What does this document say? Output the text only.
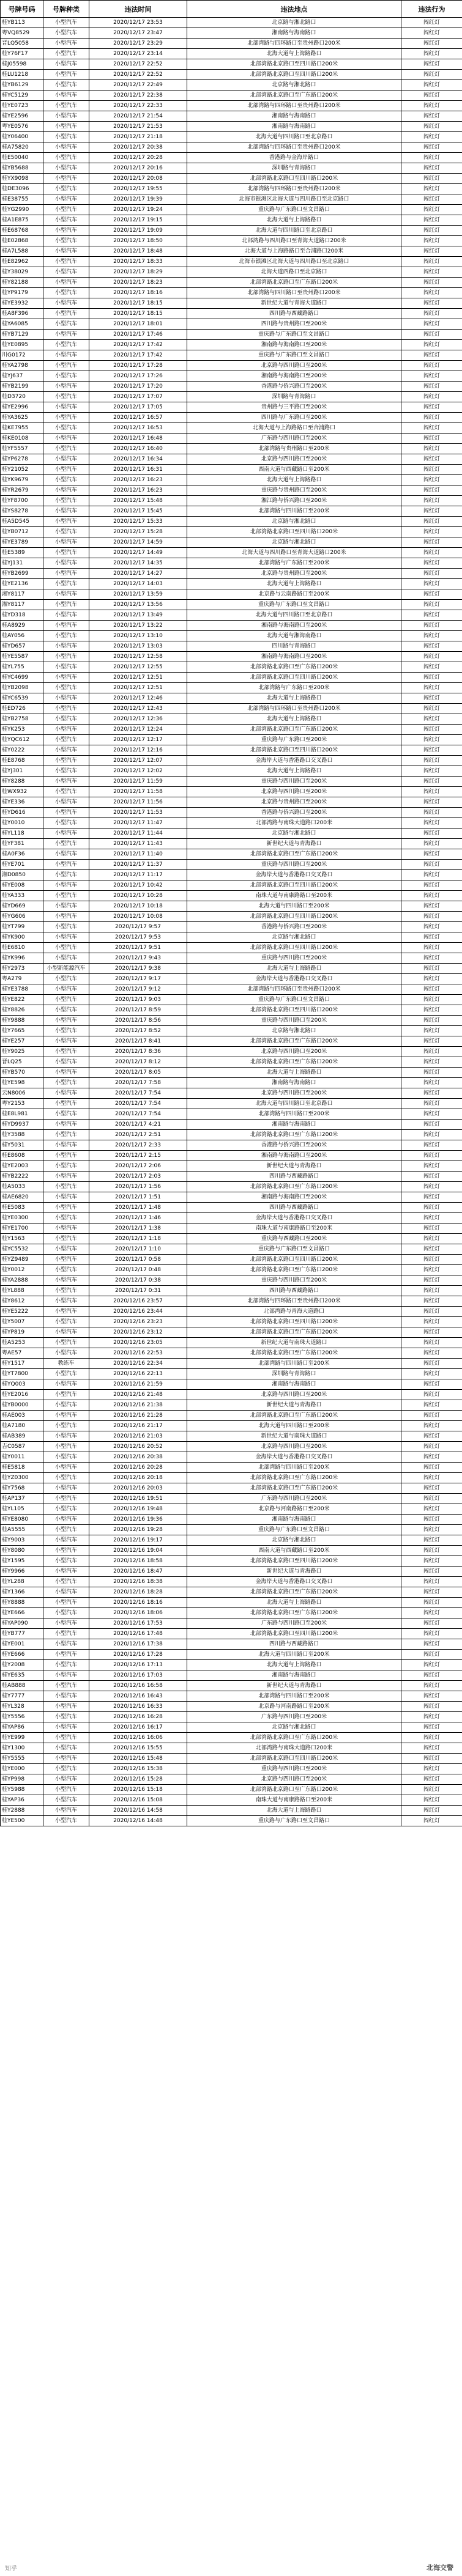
号牌号码	号牌种类	违法时间	违法地点	违法行为
桂YB113	小型汽车	2020/12/17 23:53	北京路与湘北路口	闯红灯
粤VQ8529	小型汽车	2020/12/17 23:47	湘南路与海南路口	闯红灯
晋LQ5058	小型汽车	2020/12/17 23:29	北部湾路与四环路口至贵州路口200米	闯红灯
桂Y76F17	小型汽车	2020/12/17 23:14	北海大道与上海路路口	闯红灯
桂J05598	小型汽车	2020/12/17 22:52	北部湾路北京路口至四川路口200米	闯红灯
桂LU1218	小型汽车	2020/12/17 22:52	北部湾路北京路口至四川路口200米	闯红灯
桂YB6129	小型汽车	2020/12/17 22:49	北京路与湘北路口	闯红灯
桂YC5129	小型汽车	2020/12/17 22:38	北部湾路北京路口至广东路口200米	闯红灯
桂YE0723	小型汽车	2020/12/17 22:33	北部湾路与四环路口至贵州路口200米	闯红灯
桂YE2596	小型汽车	2020/12/17 21:54	湘南路与海南路口	闯红灯
粤YE0576	小型汽车	2020/12/17 21:53	湘南路与海南路口	闯红灯
桂Y06400	小型汽车	2020/12/17 21:18	北海大道与四川路口至北京路口	闯红灯
桂A75820	小型汽车	2020/12/17 20:38	北部湾路与四环路口至贵州路口200米	闯红灯
桂E50040	小型汽车	2020/12/17 20:28	香港路与金海岸路口	闯红灯
桂YB5688	小型汽车	2020/12/17 20:16	深圳路与青海路口	闯红灯
桂YX9098	小型汽车	2020/12/17 20:08	北部湾路北京路口至四川路口200米	闯红灯
桂DE3096	小型汽车	2020/12/17 19:55	北部湾路与四环路口至贵州路口200米	闯红灯
桂E38755	小型汽车	2020/12/17 19:39	北海市银滩区北海大道与四川路口至北京路口	闯红灯
桂YG2990	小型汽车	2020/12/17 19:24	重庆路与广东路口至文昌路口	闯红灯
桂A1E875	小型汽车	2020/12/17 19:15	北海大道与上海路路口	闯红灯
桂E68768	小型汽车	2020/12/17 19:09	北海大道与四川路口至北京路口	闯红灯
桂E02868	小型汽车	2020/12/17 18:50	北部湾路与四川路口至青海大道路口200米	闯红灯
桂A7L588	小型汽车	2020/12/17 18:48	北海大道与上海路路口至合浦路口200米	闯红灯
桂E82962	小型汽车	2020/12/17 18:33	北海市银滩区北海大道与四川路口至北京路口	闯红灯
桂Y38029	小型汽车	2020/12/17 18:29	北海大道西路口至北京路口	闯红灯
桂Y82188	小型汽车	2020/12/17 18:23	北部湾路北京路口至广东路口200米	闯红灯
桂YP9179	小型汽车	2020/12/17 18:16	北部湾路与四川路口至贵州路口200米	闯红灯
桂YE3932	小型汽车	2020/12/17 18:15	新世纪大道与青海大道路口	闯红灯
桂A8F396	小型汽车	2020/12/17 18:15	四川路与西藏路路口	闯红灯
桂YA6085	小型汽车	2020/12/17 18:01	四川路与贵州路口至200米	闯红灯
桂YB7129	小型汽车	2020/12/17 17:46	重庆路与广东路口至文昌路口	闯红灯
桂YE0895	小型汽车	2020/12/17 17:42	湘南路与海南路口至200米	闯红灯
川G0172	小型汽车	2020/12/17 17:42	重庆路与广东路口至文昌路口	闯红灯
桂YA2798	小型汽车	2020/12/17 17:28	北京路与四川路口至200米	闯红灯
桂YJ637	小型汽车	2020/12/17 17:26	湘南路与海南路口至200米	闯红灯
桂YB2199	小型汽车	2020/12/17 17:20	香港路与侨兴路口至200米	闯红灯
桂D3720	小型汽车	2020/12/17 17:07	深圳路与青海路口	闯红灯
桂YE2996	小型汽车	2020/12/17 17:05	贵州路与三平路口至200米	闯红灯
桂YA3625	小型汽车	2020/12/17 16:57	四川路与广东路口至200米	闯红灯
桂KE7955	小型汽车	2020/12/17 16:53	北海大道与上海路路口至合浦路口	闯红灯
桂KE0108	小型汽车	2020/12/17 16:48	广东路与四川路口至200米	闯红灯
桂YF5557	小型汽车	2020/12/17 16:40	北部湾路与贵州路口至200米	闯红灯
桂YP6278	小型汽车	2020/12/17 16:34	北京路与四川路口至200米	闯红灯
桂Y21052	小型汽车	2020/12/17 16:31	西南大道与西藏路口至200米	闯红灯
桂YK9679	小型汽车	2020/12/17 16:23	北海大道与上海路路口	闯红灯
桂YR2679	小型汽车	2020/12/17 16:23	重庆路与贵州路口至200米	闯红灯
桂YF8700	小型汽车	2020/12/17 15:48	湘江路与侨兴路口至200米	闯红灯
桂YS8278	小型汽车	2020/12/17 15:45	北部湾路与四川路口至200米	闯红灯
桂A5D545	小型汽车	2020/12/17 15:33	北京路与湘北路口	闯红灯
桂YB0712	小型汽车	2020/12/17 15:28	北部湾路北京路口至四川路口200米	闯红灯
桂YE3789	小型汽车	2020/12/17 14:59	北京路与湘北路口	闯红灯
桂E5389	小型汽车	2020/12/17 14:49	北海大道与四川路口至青海大道路口200米	闯红灯
桂YJ131	小型汽车	2020/12/17 14:35	北部湾路与广东路口至200米	闯红灯
桂YB2699	小型汽车	2020/12/17 14:27	北京路与贵州路口至200米	闯红灯
桂YE2136	小型汽车	2020/12/17 14:03	北海大道与上海路路口	闯红灯
湘Y8117	小型汽车	2020/12/17 13:59	北京路与云南路路口至200米	闯红灯
湘Y8117	小型汽车	2020/12/17 13:56	重庆路与广东路口至文昌路口	闯红灯
桂YD318	小型汽车	2020/12/17 13:49	北海大道与四川路口至北京路口	闯红灯
桂A8929	小型汽车	2020/12/17 13:22	湘南路与海南路口至200米	闯红灯
桂AY056	小型汽车	2020/12/17 13:10	北海大道与湘海南路口	闯红灯
桂YD657	小型汽车	2020/12/17 13:03	四川路与青海路口	闯红灯
桂YE5587	小型汽车	2020/12/17 12:58	湘南路与海南路口至200米	闯红灯
桂YL755	小型汽车	2020/12/17 12:55	北部湾路北京路口至广东路口200米	闯红灯
桂YC4699	小型汽车	2020/12/17 12:51	北部湾路北京路口至四川路口200米	闯红灯
桂YB2098	小型汽车	2020/12/17 12:51	北部湾路与广东路口至200米	闯红灯
桂YC6539	小型汽车	2020/12/17 12:46	北海大道与上海路路口	闯红灯
桂ED726	小型汽车	2020/12/17 12:43	北部湾路与四环路口至贵州路口200米	闯红灯
桂YB2758	小型汽车	2020/12/17 12:36	北海大道与上海路路口	闯红灯
桂YK253	小型汽车	2020/12/17 12:24	北部湾路北京路口至广东路口200米	闯红灯
桂YQC612	小型汽车	2020/12/17 12:17	重庆路与广东路口至200米	闯红灯
桂Y0222	小型汽车	2020/12/17 12:16	北部湾路北京路口至四川路口200米	闯红灯
桂E8768	小型汽车	2020/12/17 12:07	金海岸大道与香港路口交叉路口	闯红灯
桂YJ301	小型汽车	2020/12/17 12:02	北海大道与上海路路口	闯红灯
桂Y8288	小型汽车	2020/12/17 11:59	重庆路与四川路口至200米	闯红灯
桂WX932	小型汽车	2020/12/17 11:58	北京路与四川路口至200米	闯红灯
桂YE336	小型汽车	2020/12/17 11:56	北京路与贵州路口至200米	闯红灯
桂YD616	小型汽车	2020/12/17 11:53	香港路与侨兴路口至200米	闯红灯
桂Y0010	小型汽车	2020/12/17 11:47	北部湾路与南珠大道路口200米	闯红灯
桂YL118	小型汽车	2020/12/17 11:44	北京路与湘北路口	闯红灯
桂YF381	小型汽车	2020/12/17 11:43	新世纪大道与青海路口	闯红灯
桂A0F36	小型汽车	2020/12/17 11:40	北部湾路北京路口至广东路口200米	闯红灯
桂YE701	小型汽车	2020/12/17 11:37	重庆路与四川路口至200米	闯红灯
湘D0850	小型汽车	2020/12/17 11:17	金海岸大道与香港路口交叉路口	闯红灯
桂YE008	小型汽车	2020/12/17 10:42	北部湾路北京路口至四川路口200米	闯红灯
桂YA333	小型汽车	2020/12/17 10:28	南珠大道与南康路路口至200米	闯红灯
桂YD669	小型汽车	2020/12/17 10:18	北海大道与四川路口至200米	闯红灯
桂YG606	小型汽车	2020/12/17 10:08	北部湾路北京路口至四川路口200米	闯红灯
桂YT799	小型汽车	2020/12/17 9:57	香港路与侨兴路口至200米	闯红灯
桂YK900	小型汽车	2020/12/17 9:53	北京路与湘北路口	闯红灯
桂E6810	小型汽车	2020/12/17 9:51	北部湾路北京路口至四川路口200米	闯红灯
桂YK996	小型汽车	2020/12/17 9:43	重庆路与四川路口至200米	闯红灯
桂Y2973	小型新能源汽车	2020/12/17 9:38	北海大道与上海路路口	闯红灯
粤A279	小型汽车	2020/12/17 9:17	金海岸大道与香港路口交叉路口	闯红灯
桂YE3788	小型汽车	2020/12/17 9:12	北部湾路与四环路口至贵州路口200米	闯红灯
桂YE822	小型汽车	2020/12/17 9:03	重庆路与广东路口至文昌路口	闯红灯
桂Y8826	小型汽车	2020/12/17 8:59	北部湾路北京路口至四川路口200米	闯红灯
桂Y9888	小型汽车	2020/12/17 8:56	重庆路与四川路口至200米	闯红灯
桂Y7665	小型汽车	2020/12/17 8:52	北京路与湘北路口	闯红灯
桂YE257	小型汽车	2020/12/17 8:41	北部湾路北京路口至广东路口200米	闯红灯
桂Y9025	小型汽车	2020/12/17 8:36	北京路与四川路口至200米	闯红灯
晋LQ25	小型汽车	2020/12/17 8:12	北部湾路北京路口至广东路口200米	闯红灯
桂YB570	小型汽车	2020/12/17 8:05	北海大道与上海路路口	闯红灯
桂YE598	小型汽车	2020/12/17 7:58	湘南路与海南路口	闯红灯
云N8006	小型汽车	2020/12/17 7:54	北京路与四川路口至200米	闯红灯
粤Y2153	小型汽车	2020/12/17 7:54	北海大道与四川路口至北京路口	闯红灯
桂E8L981	小型汽车	2020/12/17 7:54	北部湾路与四川路口至200米	闯红灯
桂YD9937	小型汽车	2020/12/17 4:21	湘南路与海南路口	闯红灯
桂Y3588	小型汽车	2020/12/17 2:51	北部湾路北京路口至广东路口200米	闯红灯
桂Y5031	小型汽车	2020/12/17 2:33	香港路与侨兴路口至200米	闯红灯
桂E8608	小型汽车	2020/12/17 2:15	湘南路与海南路口至200米	闯红灯
桂YE2003	小型汽车	2020/12/17 2:06	新世纪大道与青海路口	闯红灯
桂YB2222	小型汽车	2020/12/17 2:03	四川路与西藏路路口	闯红灯
桂A5033	小型汽车	2020/12/17 1:56	北部湾路北京路口至广东路口200米	闯红灯
桂AE6820	小型汽车	2020/12/17 1:51	湘南路与海南路口至200米	闯红灯
桂E5083	小型汽车	2020/12/17 1:48	四川路与西藏路路口	闯红灯
桂YE0300	小型汽车	2020/12/17 1:46	金海岸大道与香港路口交叉路口	闯红灯
桂YE1700	小型汽车	2020/12/17 1:38	南珠大道与南康路路口至200米	闯红灯
桂Y1563	小型汽车	2020/12/17 1:18	重庆路与西藏路口至200米	闯红灯
桂YC5532	小型汽车	2020/12/17 1:10	重庆路与广东路口至文昌路口	闯红灯
桂YZ9489	小型汽车	2020/12/17 0:58	北部湾路北京路口至四川路口200米	闯红灯
桂Y0012	小型汽车	2020/12/17 0:48	北部湾路北京路口至广东路口200米	闯红灯
桂YA2888	小型汽车	2020/12/17 0:38	重庆路与四川路口至200米	闯红灯
桂YL888	小型汽车	2020/12/17 0:31	四川路与西藏路路口	闯红灯
桂Y8612	小型汽车	2020/12/16 23:57	北部湾路与四环路口至贵州路口200米	闯红灯
桂YE5222	小型汽车	2020/12/16 23:44	北部湾路与青海大道路口	闯红灯
桂Y5007	小型汽车	2020/12/16 23:23	北部湾路北京路口至四川路口200米	闯红灯
桂YP819	小型汽车	2020/12/16 23:12	北部湾路北京路口至广东路口200米	闯红灯
桂A5253	小型汽车	2020/12/16 23:05	新世纪大道与南珠大道路口	闯红灯
粤AE57	小型汽车	2020/12/16 22:53	北部湾路北京路口至广东路口200米	闯红灯
桂Y1517	教练车	2020/12/16 22:34	北部湾路与四川路口至200米	闯红灯
桂YT7800	小型汽车	2020/12/16 22:13	深圳路与青海路口	闯红灯
桂YQ003	小型汽车	2020/12/16 21:59	湘南路与海南路口	闯红灯
桂YE2016	小型汽车	2020/12/16 21:48	北京路与四川路口至200米	闯红灯
桂YB0000	小型汽车	2020/12/16 21:38	新世纪大道与青海路口	闯红灯
桂AE003	小型汽车	2020/12/16 21:28	北部湾路北京路口至广东路口200米	闯红灯
桂A7180	小型汽车	2020/12/16 21:17	北海大道与四川路口至200米	闯红灯
桂AB389	小型汽车	2020/12/16 21:03	新世纪大道与南珠大道路口	闯红灯
吉C0587	小型汽车	2020/12/16 20:52	北京路与四川路口至200米	闯红灯
桂Y0011	小型汽车	2020/12/16 20:38	金海岸大道与香港路口交叉路口	闯红灯
桂E5818	小型汽车	2020/12/16 20:28	北部湾路与四川路口至200米	闯红灯
桂YZ0300	小型汽车	2020/12/16 20:18	北部湾路北京路口至广东路口200米	闯红灯
桂Y7568	小型汽车	2020/12/16 20:03	北部湾路北京路口至广东路口200米	闯红灯
桂AP137	小型汽车	2020/12/16 19:51	广东路与四川路口至200米	闯红灯
桂YL105	小型汽车	2020/12/16 19:48	北京路与河南路路口至200米	闯红灯
桂YE8080	小型汽车	2020/12/16 19:36	湘南路与海南路口	闯红灯
桂A5555	小型汽车	2020/12/16 19:28	重庆路与广东路口至文昌路口	闯红灯
桂Y9003	小型汽车	2020/12/16 19:17	北京路与湘北路口	闯红灯
桂Y8080	小型汽车	2020/12/16 19:04	西南大道与西藏路口至200米	闯红灯
桂Y1595	小型汽车	2020/12/16 18:58	北部湾路北京路口至四川路口200米	闯红灯
桂Y9966	小型汽车	2020/12/16 18:47	新世纪大道与青海路口	闯红灯
桂YL288	小型汽车	2020/12/16 18:38	金海岸大道与香港路口交叉路口	闯红灯
桂Y1366	小型汽车	2020/12/16 18:28	北部湾路北京路口至广东路口200米	闯红灯
桂Y8888	小型汽车	2020/12/16 18:16	北海大道与上海路路口	闯红灯
桂YE666	小型汽车	2020/12/16 18:06	北部湾路北京路口至广东路口200米	闯红灯
桂YAP090	小型汽车	2020/12/16 17:53	广东路与四川路口至200米	闯红灯
桂YB777	小型汽车	2020/12/16 17:48	北部湾路北京路口至四川路口200米	闯红灯
桂YE001	小型汽车	2020/12/16 17:38	四川路与西藏路路口	闯红灯
桂YE666	小型汽车	2020/12/16 17:28	北海大道与四川路口至200米	闯红灯
桂Y2008	小型汽车	2020/12/16 17:13	北海大道与上海路路口	闯红灯
桂YE635	小型汽车	2020/12/16 17:03	湘南路与海南路口	闯红灯
桂AB888	小型汽车	2020/12/16 16:58	新世纪大道与青海路口	闯红灯
桂Y7777	小型汽车	2020/12/16 16:43	北部湾路与四川路口至200米	闯红灯
桂YL328	小型汽车	2020/12/16 16:33	北京路与河南路路口至200米	闯红灯
桂Y5556	小型汽车	2020/12/16 16:28	广东路与四川路口至200米	闯红灯
桂YAP86	小型汽车	2020/12/16 16:17	北京路与湘北路口	闯红灯
桂YE999	小型汽车	2020/12/16 16:06	北部湾路北京路口至广东路口200米	闯红灯
桂Y1300	小型汽车	2020/12/16 15:55	北部湾路与南珠大道路口200米	闯红灯
桂Y5555	小型汽车	2020/12/16 15:48	北部湾路北京路口至四川路口200米	闯红灯
桂YE000	小型汽车	2020/12/16 15:38	重庆路与四川路口至200米	闯红灯
桂YP998	小型汽车	2020/12/16 15:28	北京路与四川路口至200米	闯红灯
桂Y5988	小型汽车	2020/12/16 15:18	北部湾路北京路口至广东路口200米	闯红灯
桂YAP36	小型汽车	2020/12/16 15:08	南珠大道与南康路路口至200米	闯红灯
桂Y2888	小型汽车	2020/12/16 14:58	北海大道与上海路路口	闯红灯
桂YE500	小型汽车	2020/12/16 14:48	重庆路与广东路口至文昌路口	闯红灯
知乎	北海交警
